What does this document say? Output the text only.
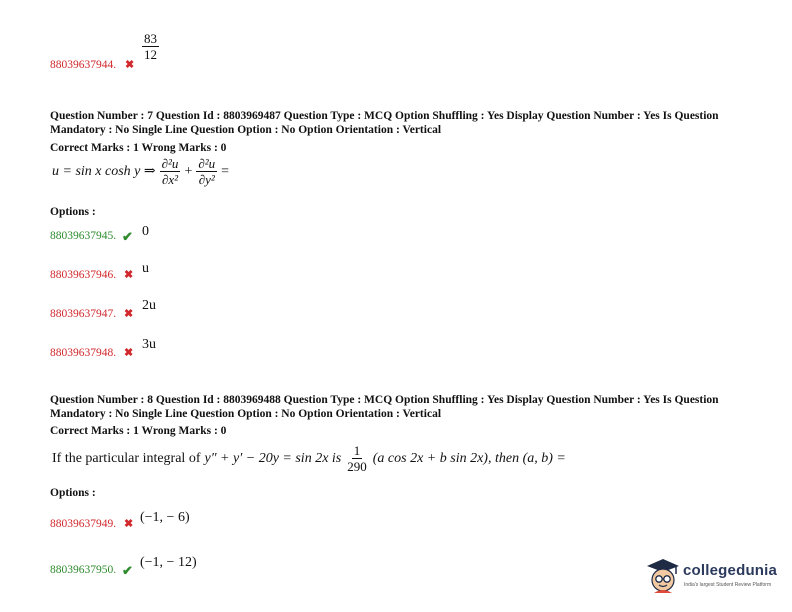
88039637944. ✖
$\frac{83}{12}$
Question Number : 7 Question Id : 8803969487 Question Type : MCQ Option Shuffling : Yes Display Question Number : Yes Is Question
Mandatory : No Single Line Question Option : No Option Orientation : Vertical
Correct Marks : 1 Wrong Marks : 0
u = sin x cosh y ⇒ $\frac{\text{∂²u}}{\text{∂x²}} + \frac{\text{∂²u}}{\text{∂y²}}$ =
Options :
88039637945. ✔ 0
88039637946. ✖ u
88039637947. ✖
2u
88039637948. ✖
3u
Question Number : 8 Question Id : 8803969488 Question Type : MCQ Option Shuffling : Yes Display Question Number : Yes Is Question
Mandatory : No Single Line Question Option : No Option Orientation : Vertical
Correct Marks : 1 Wrong Marks : 0
If the particular integral of y″ + y′ − 20y = sin 2x is $\frac{1}{290} (a$ cos 2x + b sin 2x), then (a, b) =
Options :
88039637949. ✖ (−1, − 6)
88039637950. ✔
(−1, − 12)	collegedunia
India's largest Student Review Platform
